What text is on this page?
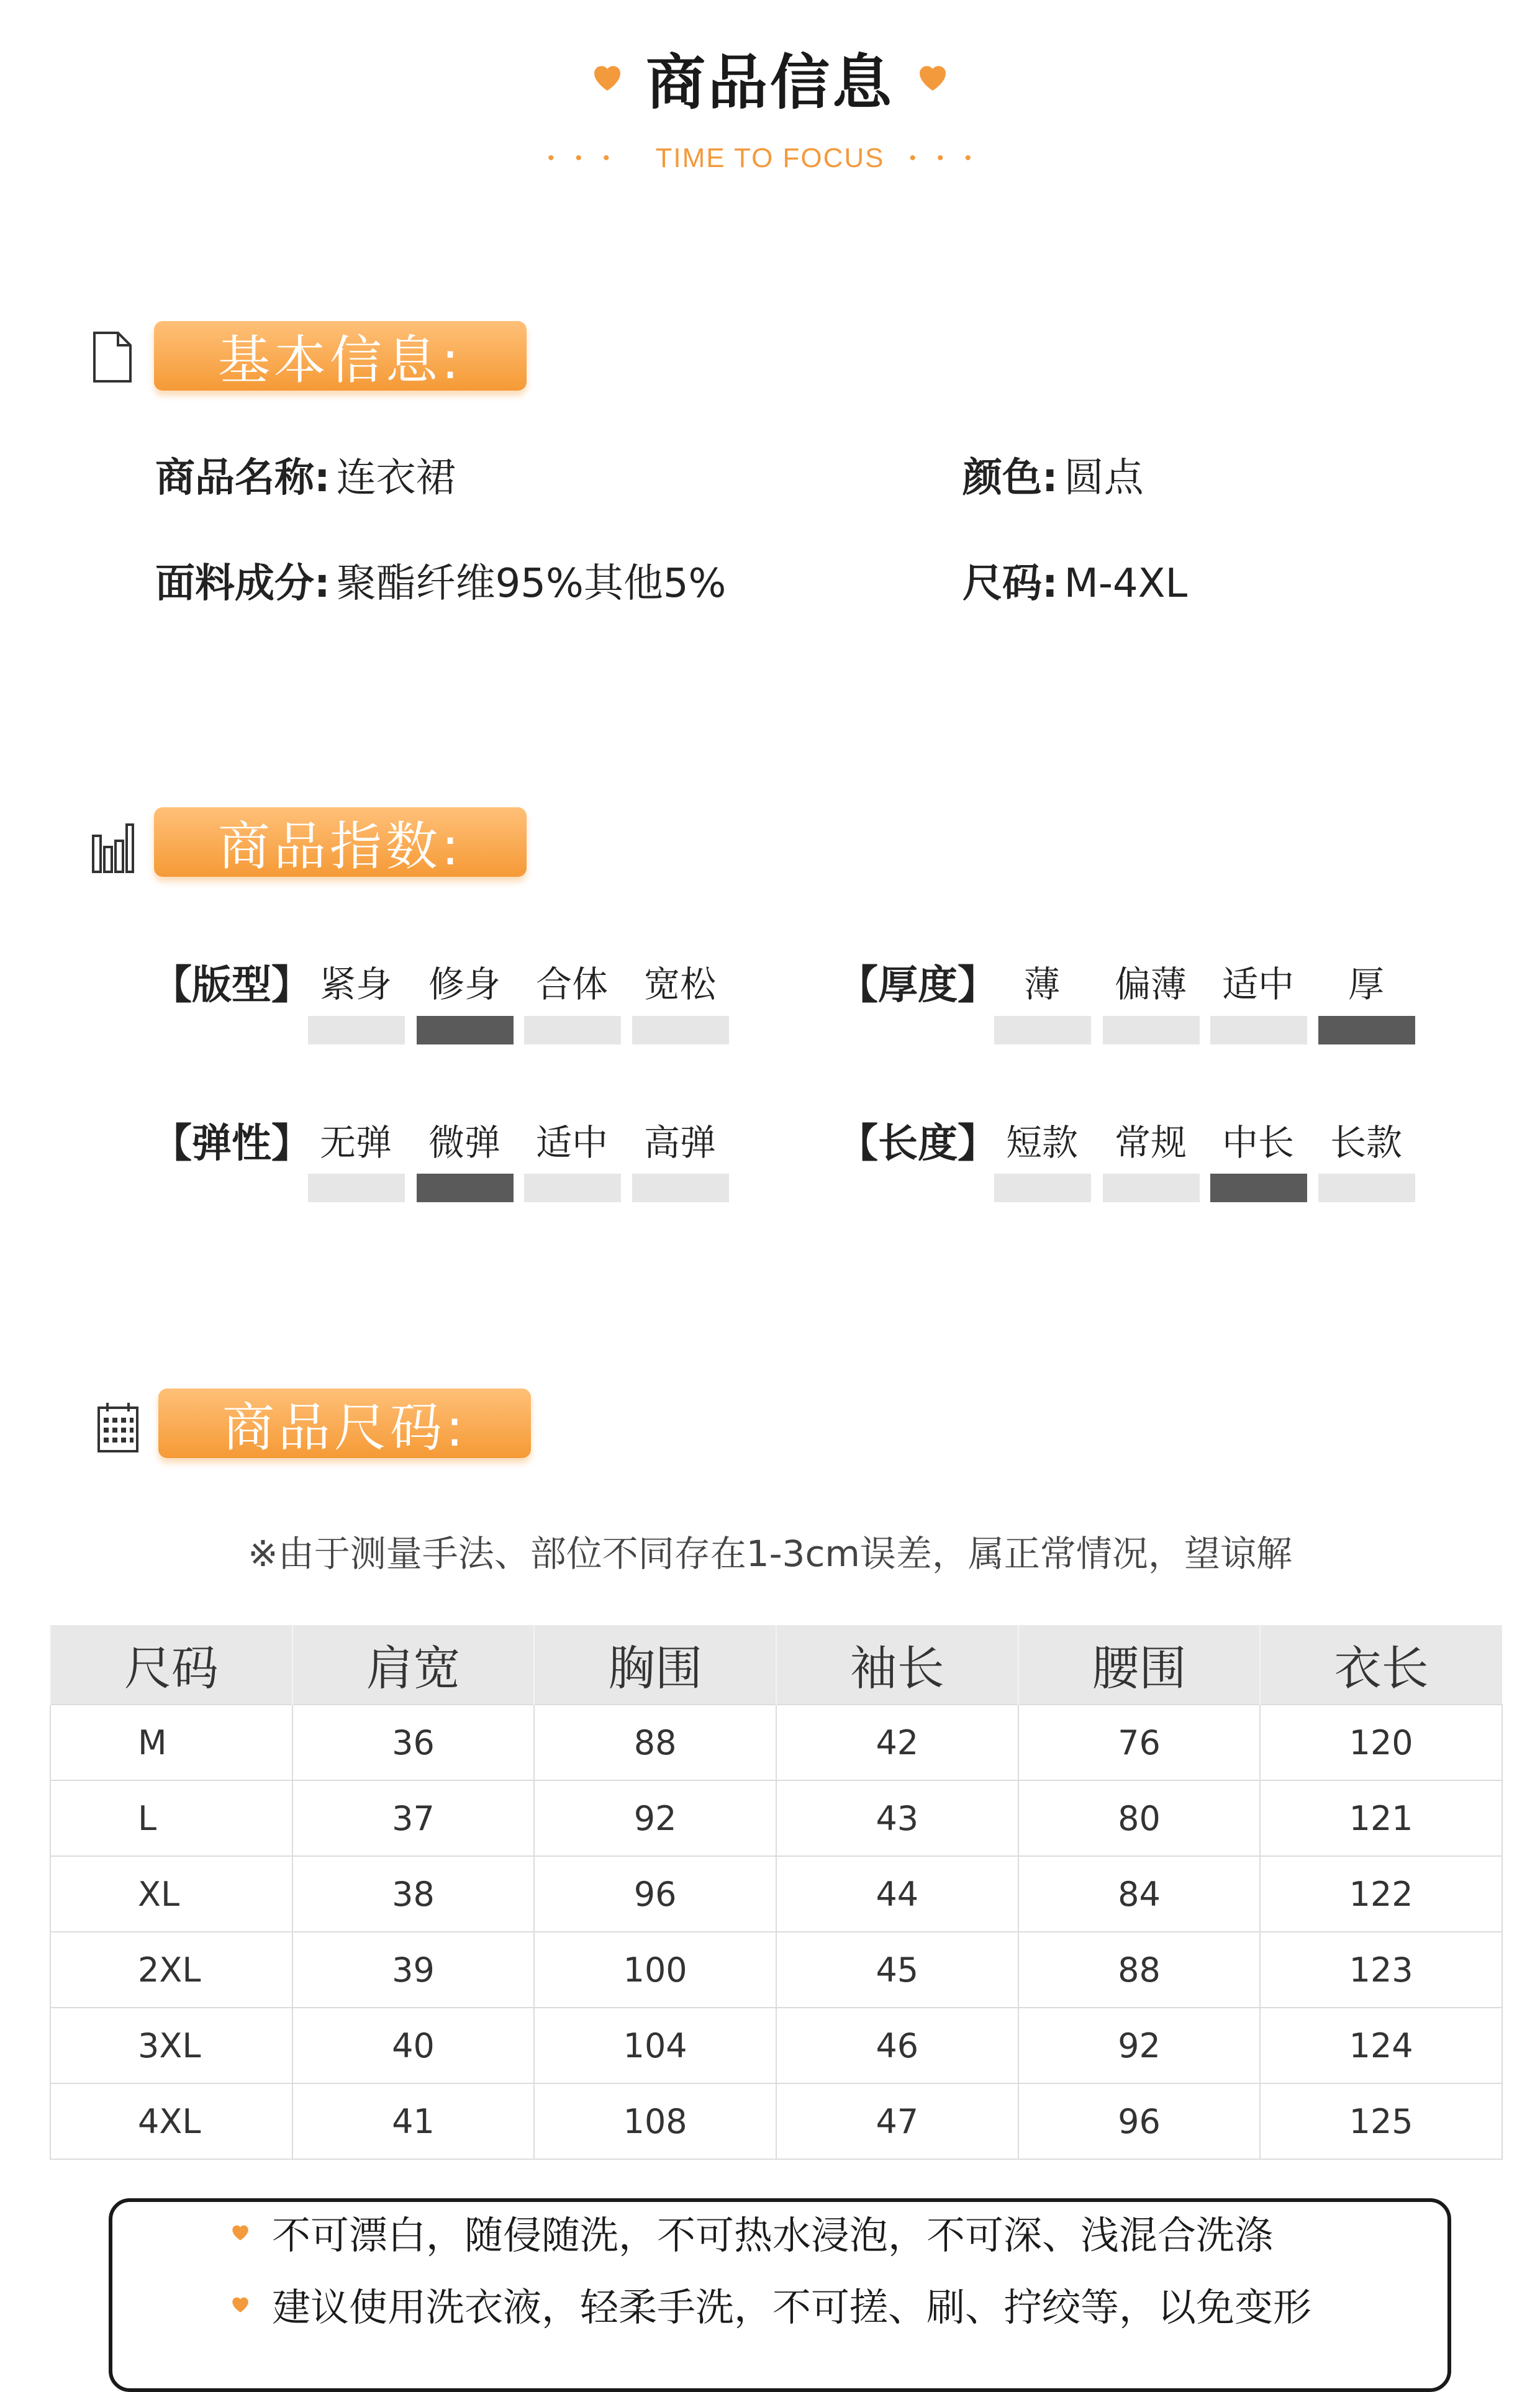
商品信息
••• TIME TO FOCUS •••
基本信息:
商品名称: 连衣裙	颜色: 圆点
面料成分: 聚酯纤维95%其他5%	尺码: M-4XL
商品指数:
【版型】 紧身	修身 合体 宽松	【厚度】 薄	偏薄 适中	厚
【弹性】 无弹	微弹 适中 高弹	【长度】 短款	常规 中长 长款
商品尺码:
※由于测量手法、部位不同存在1-3cm误差，属正常情况，望谅解
尺码	肩宽	胸围	袖长	腰围	衣长
M	36	88	42	76	120
L	37	92	43	80	121
XL	38	96	44	84	122
2XL	39	100	45	88	123
3XL	40	104	46	92	124
4XL	41	108	47	96	125
不可漂白，随侵随洗，不可热水浸泡，不可深、浅混合洗涤
建议使用洗衣液，轻柔手洗，不可搓、刷、拧绞等，以免变形
